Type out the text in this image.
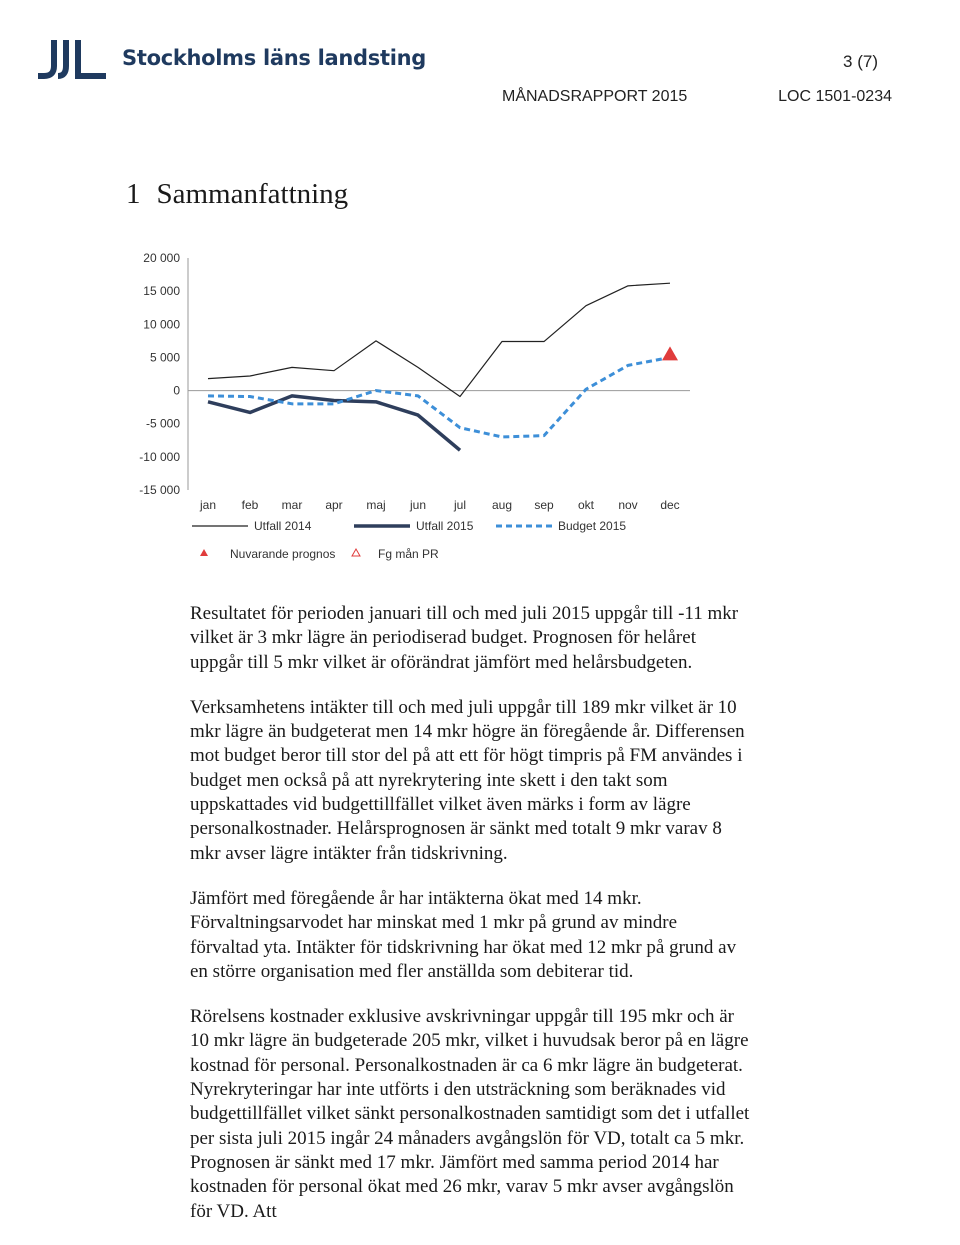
Stockholms läns landsting	3 (7)
MÅNADSRAPPORT 2015	LOC 1501-0234
1 Sammanfattning
20 000
15 000
10 000
5 000
0
-5 000
-10 000
-15 000
jan feb mar apr maj jun jul aug sep okt nov dec
Utfall 2014	Utfall 2015	Budget 2015
Nuvarande prognos	Fg mån PR

Resultatet för perioden januari till och med juli 2015 uppgår till -11 mkr vilket är 3 mkr lägre än periodiserad budget. Prognosen för helåret uppgår till 5 mkr vilket är oförändrat jämfört med helårsbudgeten.

Verksamhetens intäkter till och med juli uppgår till 189 mkr vilket är 10 mkr lägre än budgeterat men 14 mkr högre än föregående år. Differensen mot budget beror till stor del på att ett för högt timpris på FM användes i budget men också på att nyrekrytering inte skett i den takt som uppskattades vid budgettillfället vilket även märks i form av lägre personalkostnader. Helårsprognosen är sänkt med totalt 9 mkr varav 8 mkr avser lägre intäkter från tidskrivning.

Jämfört med föregående år har intäkterna ökat med 14 mkr. Förvaltningsarvodet har minskat med 1 mkr på grund av mindre förvaltad yta. Intäkter för tidskrivning har ökat med 12 mkr på grund av en större organisation med fler anställda som debiterar tid.

Rörelsens kostnader exklusive avskrivningar uppgår till 195 mkr och är 10 mkr lägre än budgeterade 205 mkr, vilket i huvudsak beror på en lägre kostnad för personal. Personalkostnaden är ca 6 mkr lägre än budgeterat. Nyrekryteringar har inte utförts i den utsträckning som beräknades vid budgettillfället vilket sänkt personalkostnaden samtidigt som det i utfallet per sista juli 2015 ingår 24 månaders avgångslön för VD, totalt ca 5 mkr. Prognosen är sänkt med 17 mkr. Jämfört med samma period 2014 har kostnaden för personal ökat med 26 mkr, varav 5 mkr avser avgångslön för VD. Att
